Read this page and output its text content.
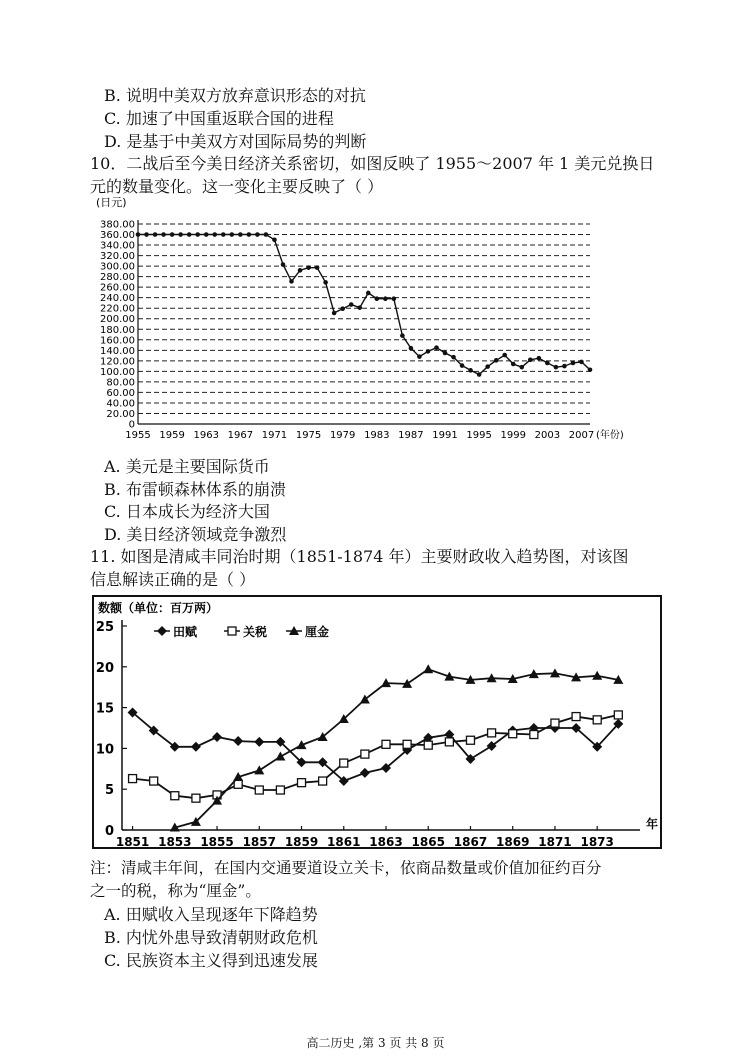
B. 说明中美双方放弃意识形态的对抗
C. 加速了中国重返联合国的进程
D. 是基于中美双方对国际局势的判断
10．二战后至今美日经济关系密切，如图反映了 1955～2007 年 1 美元兑换日
元的数量变化。这一变化主要反映了（ ）
(日元)
0
20.00
40.00
60.00
80.00
100.00
120.00
140.00
160.00
180.00
200.00
220.00
240.00
260.00
280.00
300.00
320.00
340.00
360.00
380.00
1955 1959 1963 1967 1971 1975 1979 1983 1987 1991 1995 1999 2003 2007 (年份)
A. 美元是主要国际货币
B. 布雷顿森林体系的崩溃
C. 日本成长为经济大国
D. 美日经济领域竞争激烈
11. 如图是清咸丰同治时期（1851-1874 年）主要财政收入趋势图，对该图
信息解读正确的是（ ）
数额（单位：百万两）
0
5
10
15
20
25
1851 1853 1855 1857 1859 1861 1863 1865 1867 1869 1871 1873
年
田赋	关税	厘金
注：清咸丰年间，在国内交通要道设立关卡，依商品数量或价值加征约百分
之一的税，称为“厘金”。
A. 田赋收入呈现逐年下降趋势
B. 内忧外患导致清朝财政危机
C. 民族资本主义得到迅速发展
高二历史 ,第 3 页 共 8 页
